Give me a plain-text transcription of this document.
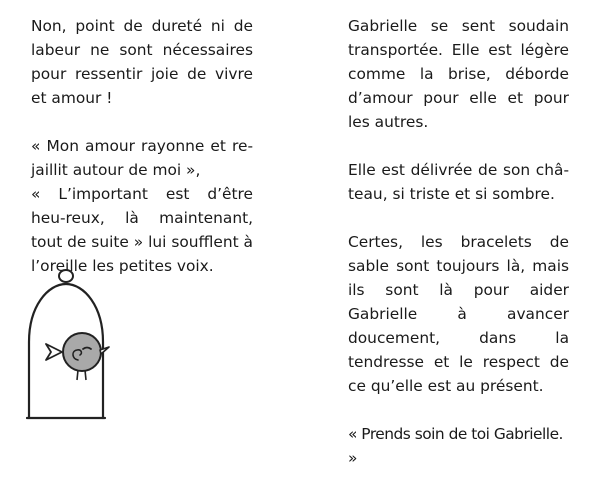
Non, point de dureté ni de labeur ne sont nécessaires pour ressentir joie de vivre et amour !

« Mon amour rayonne et re-jaillit autour de moi »,

« L’important est d’être heu-reux, là maintenant, tout de suite » lui soufflent à l’oreille les petites voix.

Gabrielle se sent soudain transportée. Elle est légère comme la brise, déborde d’amour pour elle et pour les autres.

Elle est délivrée de son châ-teau, si triste et si sombre.

Certes, les bracelets de sable sont toujours là, mais ils sont là pour aider Gabrielle à avancer doucement, dans la tendresse et le respect de ce qu’elle est au présent.

« Prends soin de toi Gabrielle. »
